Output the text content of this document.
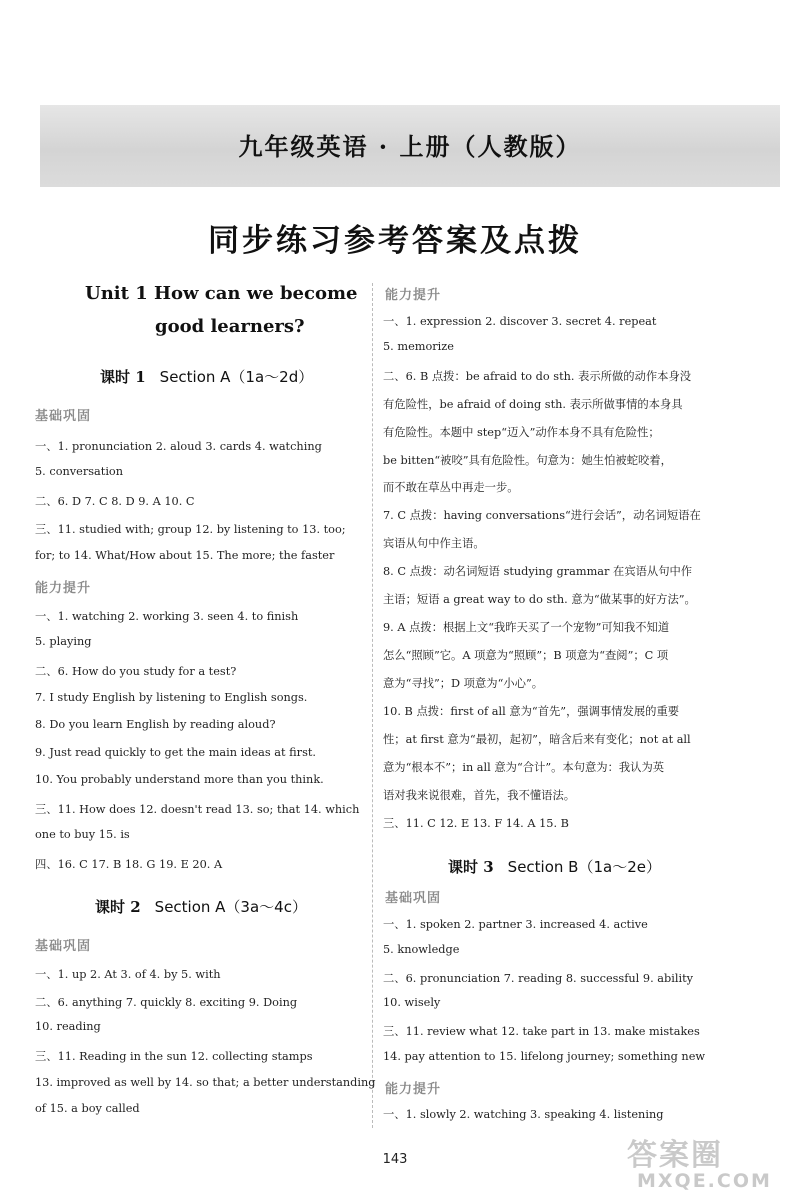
九年级英语 · 上册（人教版）
同步练习参考答案及点拨
Unit 1 How can we become
good learners?
课时 1 Section A（1a～2d）
基础巩固
一、1. pronunciation 2. aloud 3. cards 4. watching
5. conversation
二、6. D 7. C 8. D 9. A 10. C
三、11. studied with; group 12. by listening to 13. too;
for; to 14. What/How about 15. The more; the faster
能力提升
一、1. watching 2. working 3. seen 4. to finish
5. playing
二、6. How do you study for a test?
7. I study English by listening to English songs.
8. Do you learn English by reading aloud?
9. Just read quickly to get the main ideas at first.
10. You probably understand more than you think.
三、11. How does 12. doesn't read 13. so; that 14. which
one to buy 15. is
四、16. C 17. B 18. G 19. E 20. A
课时 2 Section A（3a～4c）
基础巩固
一、1. up 2. At 3. of 4. by 5. with
二、6. anything 7. quickly 8. exciting 9. Doing
10. reading
三、11. Reading in the sun 12. collecting stamps
13. improved as well by 14. so that; a better understanding
of 15. a boy called
能力提升
一、1. expression 2. discover 3. secret 4. repeat
5. memorize
二、6. B 点拨：be afraid to do sth. 表示所做的动作本身没
有危险性，be afraid of doing sth. 表示所做事情的本身具
有危险性。本题中 step“迈入”动作本身不具有危险性；
be bitten“被咬”具有危险性。句意为：她生怕被蛇咬着，
而不敢在草丛中再走一步。
7. C 点拨：having conversations“进行会话”，动名词短语在
宾语从句中作主语。
8. C 点拨：动名词短语 studying grammar 在宾语从句中作
主语；短语 a great way to do sth. 意为“做某事的好方法”。
9. A 点拨：根据上文“我昨天买了一个宠物”可知我不知道
怎么“照顾”它。A 项意为“照顾”；B 项意为“查阅”；C 项
意为“寻找”；D 项意为“小心”。
10. B 点拨：first of all 意为“首先”，强调事情发展的重要
性；at first 意为“最初，起初”，暗含后来有变化；not at all
意为“根本不”；in all 意为“合计”。本句意为：我认为英
语对我来说很难，首先，我不懂语法。
三、11. C 12. E 13. F 14. A 15. B
课时 3 Section B（1a～2e）
基础巩固
一、1. spoken 2. partner 3. increased 4. active
5. knowledge
二、6. pronunciation 7. reading 8. successful 9. ability
10. wisely
三、11. review what 12. take part in 13. make mistakes
14. pay attention to 15. lifelong journey; something new
能力提升
一、1. slowly 2. watching 3. speaking 4. listening
143	答案圈
MXQE.COM
